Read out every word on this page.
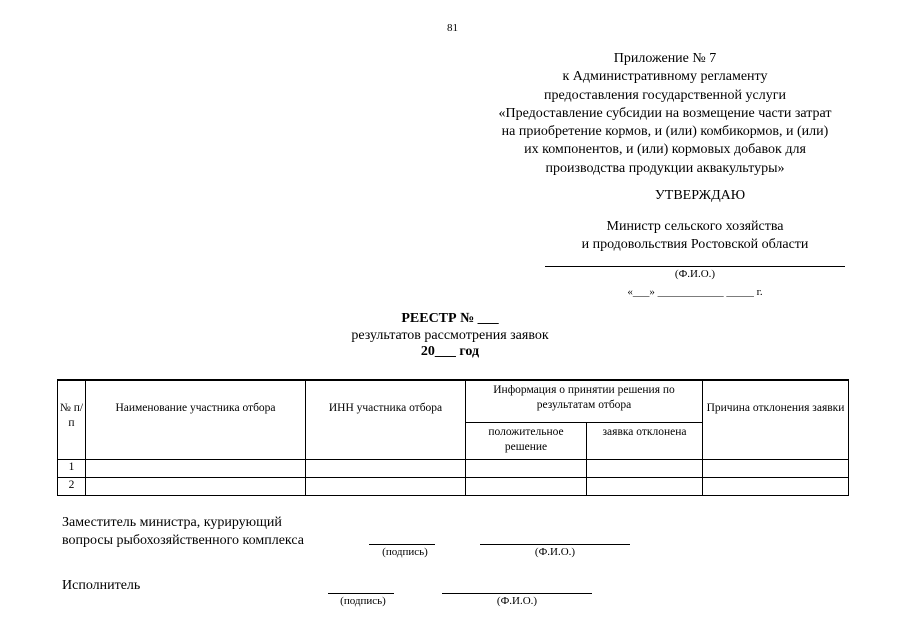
81
Приложение № 7
к Административному регламенту
предоставления государственной услуги
«Предоставление субсидии на возмещение части затрат
на приобретение кормов, и (или) комбикормов, и (или)
их компонентов, и (или) кормовых добавок для
производства продукции аквакультуры»
УТВЕРЖДАЮ
Министр сельского хозяйства
и продовольствия Ростовской области
(Ф.И.О.)
«___» ____________ _____ г.
РЕЕСТР № ___
результатов рассмотрения заявок
20___ год
№ п/п	Наименование участника отбора	ИНН участника отбора	Информация о принятии решения по результатам отбора		Причина отклонения заявки
			положительное решение	заявка отклонена	
1					
2					
Заместитель министра, курирующий
вопросы рыбохозяйственного комплекса
(подпись)	(Ф.И.О.)
Исполнитель
(подпись)	(Ф.И.О.)
